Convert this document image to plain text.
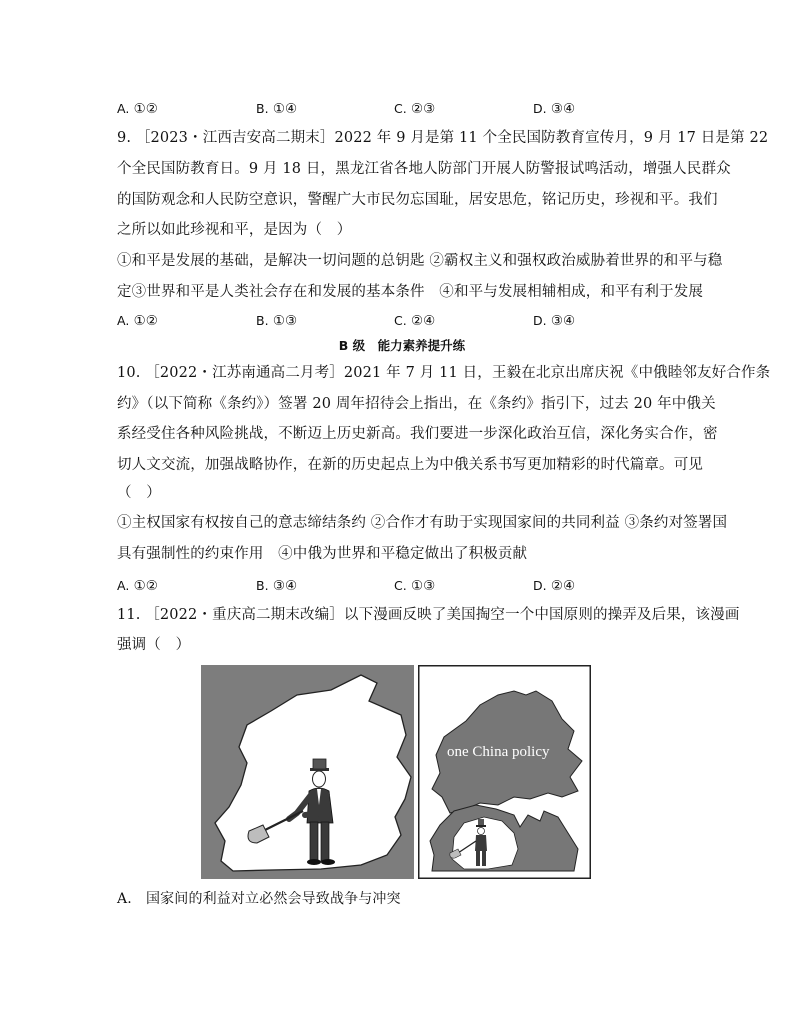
A. ①②	B. ①④	C. ②③	D. ③④
9. ［2023・江西吉安高二期末］2022 年 9 月是第 11 个全民国防教育宣传月，9 月 17 日是第 22
个全民国防教育日。9 月 18 日，黑龙江省各地人防部门开展人防警报试鸣活动，增强人民群众
的国防观念和人民防空意识，警醒广大市民勿忘国耻，居安思危，铭记历史，珍视和平。我们
之所以如此珍视和平，是因为（　）
①和平是发展的基础，是解决一切问题的总钥匙 ②霸权主义和强权政治威胁着世界的和平与稳
定③世界和平是人类社会存在和发展的基本条件　④和平与发展相辅相成，和平有利于发展
A. ①②	B. ①③	C. ②④	D. ③④
B 级　能力素养提升练
10. ［2022・江苏南通高二月考］2021 年 7 月 11 日，王毅在北京出席庆祝《中俄睦邻友好合作条
约》（以下简称《条约》）签署 20 周年招待会上指出，在《条约》指引下，过去 20 年中俄关
系经受住各种风险挑战，不断迈上历史新高。我们要进一步深化政治互信，深化务实合作，密
切人文交流，加强战略协作，在新的历史起点上为中俄关系书写更加精彩的时代篇章。可见
（　）
①主权国家有权按自己的意志缔结条约 ②合作才有助于实现国家间的共同利益 ③条约对签署国
具有强制性的约束作用　④中俄为世界和平稳定做出了积极贡献
A. ①②	B. ③④	C. ①③	D. ②④
11. ［2022・重庆高二期末改编］以下漫画反映了美国掏空一个中国原则的操弄及后果，该漫画
强调（　）
one China policy
A.　国家间的利益对立必然会导致战争与冲突
